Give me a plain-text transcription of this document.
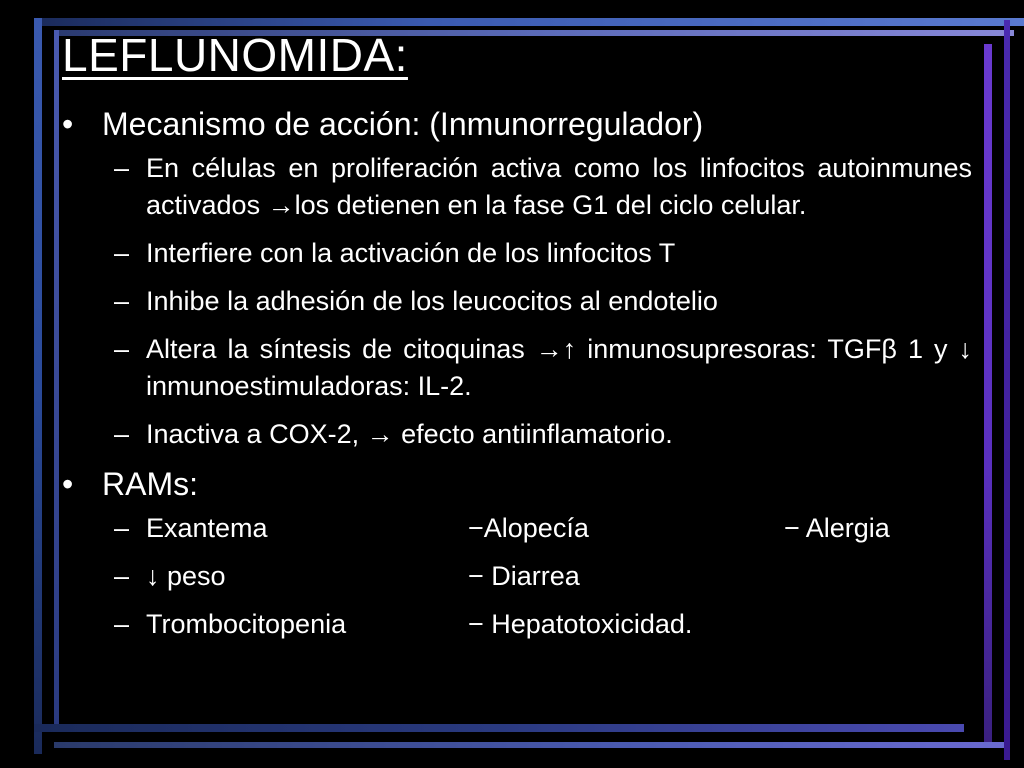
LEFLUNOMIDA:
• Mecanismo de acción: (Inmunorregulador)
– En células en proliferación activa como los linfocitos autoinmunes activados →los detienen en la fase G1 del ciclo celular.
– Interfiere con la activación de los linfocitos T
– Inhibe la adhesión de los leucocitos al endotelio
– Altera la síntesis de citoquinas →↑ inmunosupresoras: TGFβ 1 y ↓ inmunoestimuladoras: IL-2.
– Inactiva a COX-2, → efecto antiinflamatorio.
• RAMs:
– Exantema	−Alopecía	− Alergia
– ↓ peso	− Diarrea
– Trombocitopenia	− Hepatotoxicidad.
